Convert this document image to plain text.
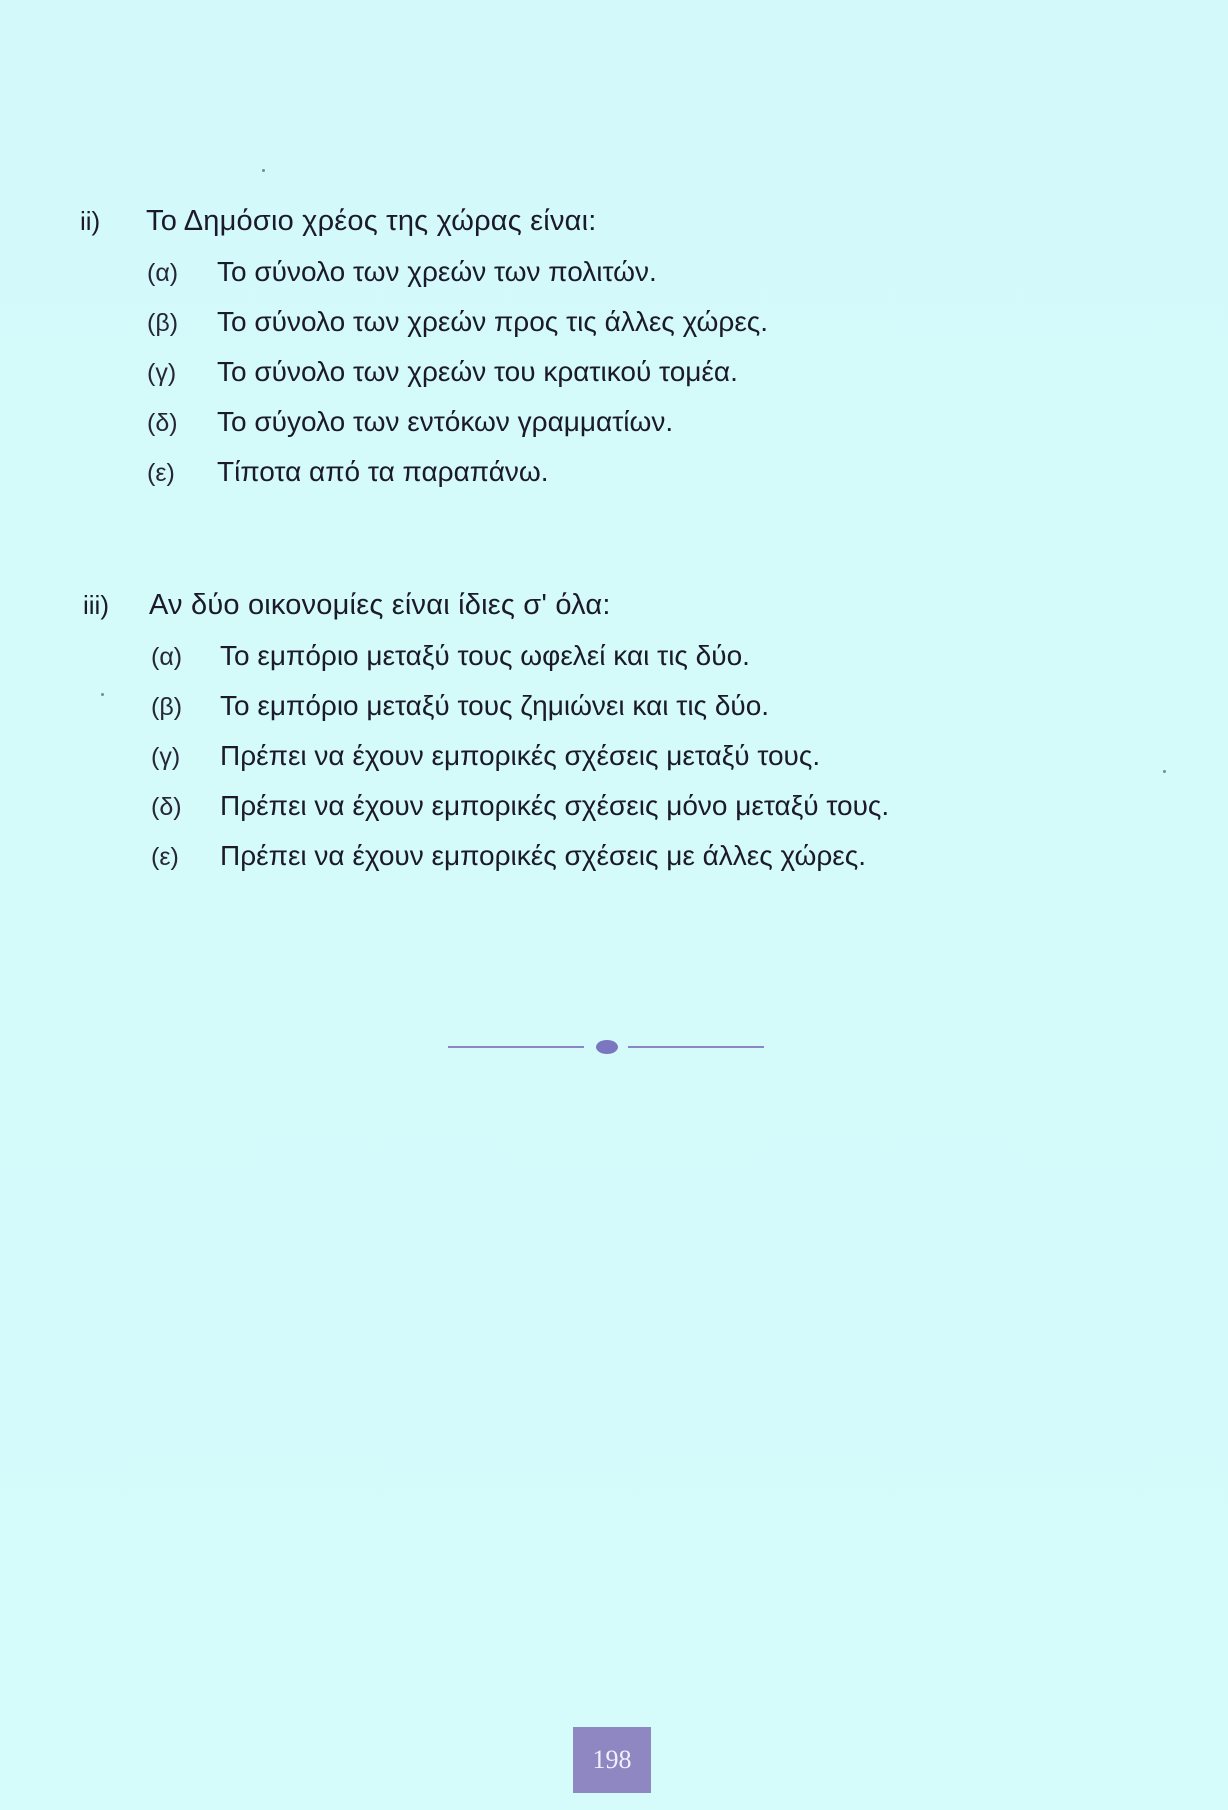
ii)	Το Δημόσιο χρέος της χώρας είναι:
(α)	Το σύνολο των χρεών των πολιτών.
(β)	Το σύνολο των χρεών προς τις άλλες χώρες.
(γ)	Το σύνολο των χρεών του κρατικού τομέα.
(δ)	Το σύyολο των εντόκων γραμματίων.
(ε)	Τίποτα από τα παραπάνω.
iii)	Αν δύο οικονομίες είναι ίδιες σ' όλα:
(α)	Το εμπόριο μεταξύ τους ωφελεί και τις δύο.
(β)	Το εμπόριο μεταξύ τους ζημιώνει και τις δύο.
(γ)	Πρέπει να έχουν εμπορικές σχέσεις μεταξύ τους.
(δ)	Πρέπει να έχουν εμπορικές σχέσεις μόνο μεταξύ τους.
(ε)	Πρέπει να έχουν εμπορικές σχέσεις με άλλες χώρες.
198
